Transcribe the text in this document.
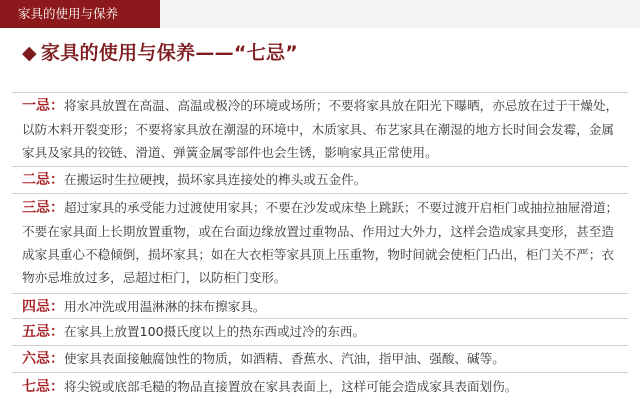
家具的使用与保养
◆ 家具的使用与保养——“七忌”
一忌：将家具放置在高温、高温或极冷的环境或场所；不要将家具放在阳光下曝晒，亦忌放在过于干燥处，以防木料开裂变形；不要将家具放在潮湿的环境中，木质家具、布艺家具在潮湿的地方长时间会发霉，金属家具及家具的铰链、滑道、弹簧金属零部件也会生锈，影响家具正常使用。
二忌：在搬运时生拉硬拽，损坏家具连接处的榫头或五金件。
三忌：超过家具的承受能力过渡使用家具；不要在沙发或床垫上跳跃；不要过渡开启柜门或抽拉抽屉滑道；不要在家具面上长期放置重物，或在台面边缘放置过重物品、作用过大外力，这样会造成家具变形，甚至造成家具重心不稳倾倒，损坏家具；如在大衣柜等家具顶上压重物，物时间就会使柜门凸出，柜门关不严；衣物亦忌堆放过多，忌超过柜门，以防柜门变形。
四忌：用水冲洗或用温淋淋的抹布擦家具。
五忌：在家具上放置100摄氏度以上的热东西或过冷的东西。
六忌：使家具表面接触腐蚀性的物质，如酒精、香蕉水、汽油，指甲油、强酸、碱等。
七忌：将尖锐或底部毛糙的物品直接置放在家具表面上，这样可能会造成家具表面划伤。
